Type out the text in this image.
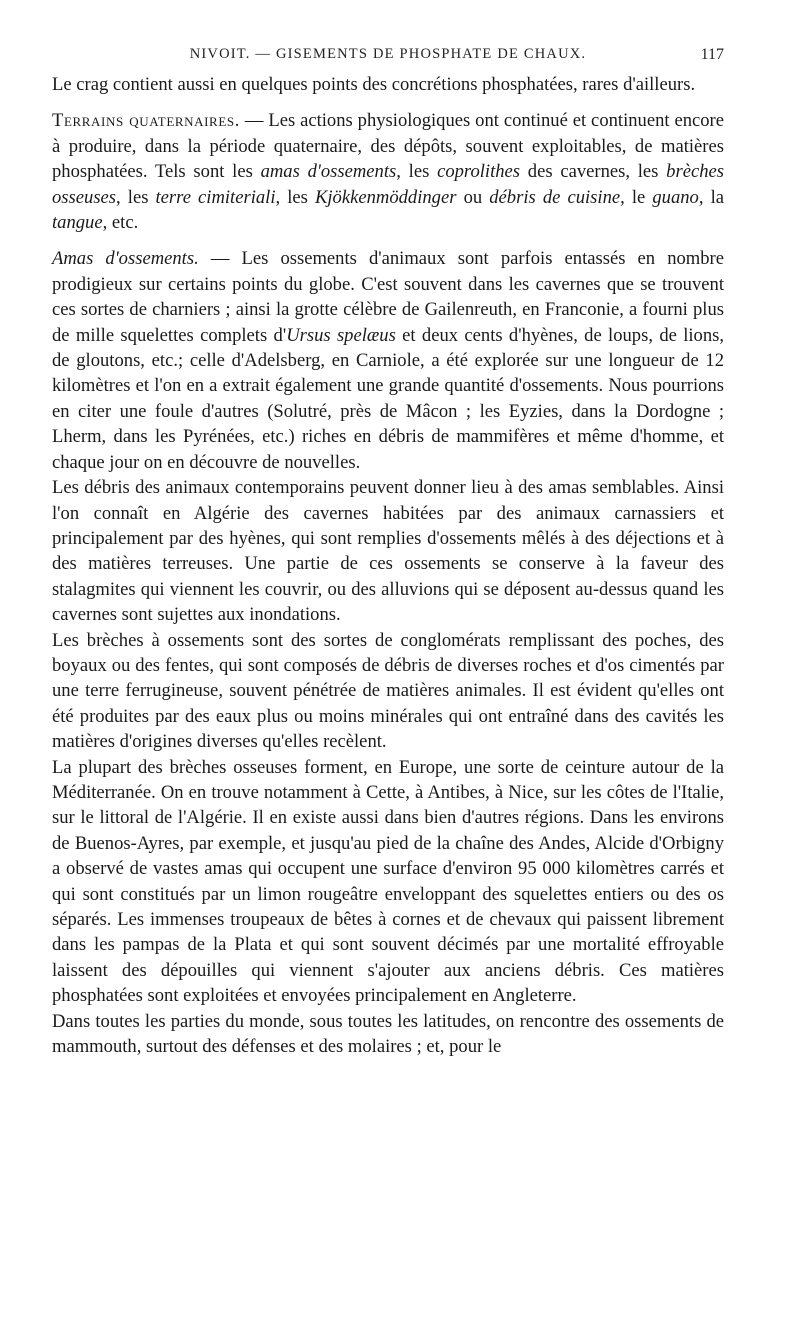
NIVOIT. — GISEMENTS DE PHOSPHATE DE CHAUX.	117

Le crag contient aussi en quelques points des concrétions phosphatées, rares d'ailleurs.

Terrains quaternaires. — Les actions physiologiques ont continué et continuent encore à produire, dans la période quaternaire, des dépôts, souvent exploitables, de matières phosphatées. Tels sont les amas d'ossements, les coprolithes des cavernes, les brèches osseuses, les terre cimiteriali, les Kjökkenmöddinger ou débris de cuisine, le guano, la tangue, etc.

Amas d'ossements. — Les ossements d'animaux sont parfois entassés en nombre prodigieux sur certains points du globe. C'est souvent dans les cavernes que se trouvent ces sortes de charniers ; ainsi la grotte célèbre de Gailenreuth, en Franconie, a fourni plus de mille squelettes complets d'Ursus spelæus et deux cents d'hyènes, de loups, de lions, de gloutons, etc.; celle d'Adelsberg, en Carniole, a été explorée sur une longueur de 12 kilomètres et l'on en a extrait également une grande quantité d'ossements. Nous pourrions en citer une foule d'autres (Solutré, près de Mâcon ; les Eyzies, dans la Dordogne ; Lherm, dans les Pyrénées, etc.) riches en débris de mammifères et même d'homme, et chaque jour on en découvre de nouvelles.

Les débris des animaux contemporains peuvent donner lieu à des amas semblables. Ainsi l'on connaît en Algérie des cavernes habitées par des animaux carnassiers et principalement par des hyènes, qui sont remplies d'ossements mêlés à des déjections et à des matières terreuses. Une partie de ces ossements se conserve à la faveur des stalagmites qui viennent les couvrir, ou des alluvions qui se déposent au-dessus quand les cavernes sont sujettes aux inondations.

Les brèches à ossements sont des sortes de conglomérats remplissant des poches, des boyaux ou des fentes, qui sont composés de débris de diverses roches et d'os cimentés par une terre ferrugineuse, souvent pénétrée de matières animales. Il est évident qu'elles ont été produites par des eaux plus ou moins minérales qui ont entraîné dans des cavités les matières d'origines diverses qu'elles recèlent.

La plupart des brèches osseuses forment, en Europe, une sorte de ceinture autour de la Méditerranée. On en trouve notamment à Cette, à Antibes, à Nice, sur les côtes de l'Italie, sur le littoral de l'Algérie. Il en existe aussi dans bien d'autres régions. Dans les environs de Buenos-Ayres, par exemple, et jusqu'au pied de la chaîne des Andes, Alcide d'Orbigny a observé de vastes amas qui occupent une surface d'environ 95 000 kilomètres carrés et qui sont constitués par un limon rougeâtre enveloppant des squelettes entiers ou des os séparés. Les immenses troupeaux de bêtes à cornes et de chevaux qui paissent librement dans les pampas de la Plata et qui sont souvent décimés par une mortalité effroyable laissent des dépouilles qui viennent s'ajouter aux anciens débris. Ces matières phosphatées sont exploitées et envoyées principalement en Angleterre.

Dans toutes les parties du monde, sous toutes les latitudes, on rencontre des ossements de mammouth, surtout des défenses et des molaires ; et, pour le
